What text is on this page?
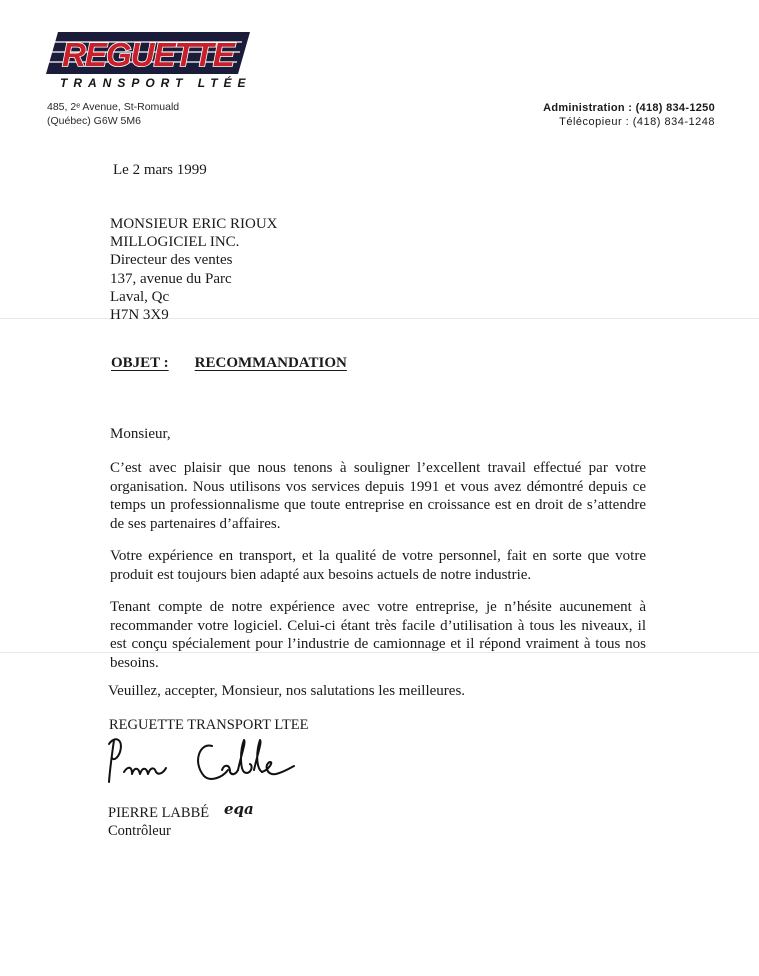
REGUETTE
TRANSPORT LTÉE
485, 2ᵉ Avenue, St-Romuald
(Québec) G6W 5M6
Administration : (418) 834-1250
Télécopieur : (418) 834-1248
Le 2 mars 1999
MONSIEUR ERIC RIOUX
MILLOGICIEL INC.
Directeur des ventes
137, avenue du Parc
Laval, Qc
H7N 3X9
OBJET : RECOMMANDATION
Monsieur,

C’est avec plaisir que nous tenons à souligner l’excellent travail effectué par votre organisation. Nous utilisons vos services depuis 1991 et vous avez démontré depuis ce temps un professionnalisme que toute entreprise en croissance est en droit de s’attendre de ses partenaires d’affaires.

Votre expérience en transport, et la qualité de votre personnel, fait en sorte que votre produit est toujours bien adapté aux besoins actuels de notre industrie.

Tenant compte de notre expérience avec votre entreprise, je n’hésite aucunement à recommander votre logiciel. Celui-ci étant très facile d’utilisation à tous les niveaux, il est conçu spécialement pour l’industrie de camionnage et il répond vraiment à tous nos besoins.

Veuillez, accepter, Monsieur, nos salutations les meilleures.
REGUETTE TRANSPORT LTEE
PIERRE LABBÉ
Contrôleur
eqa
